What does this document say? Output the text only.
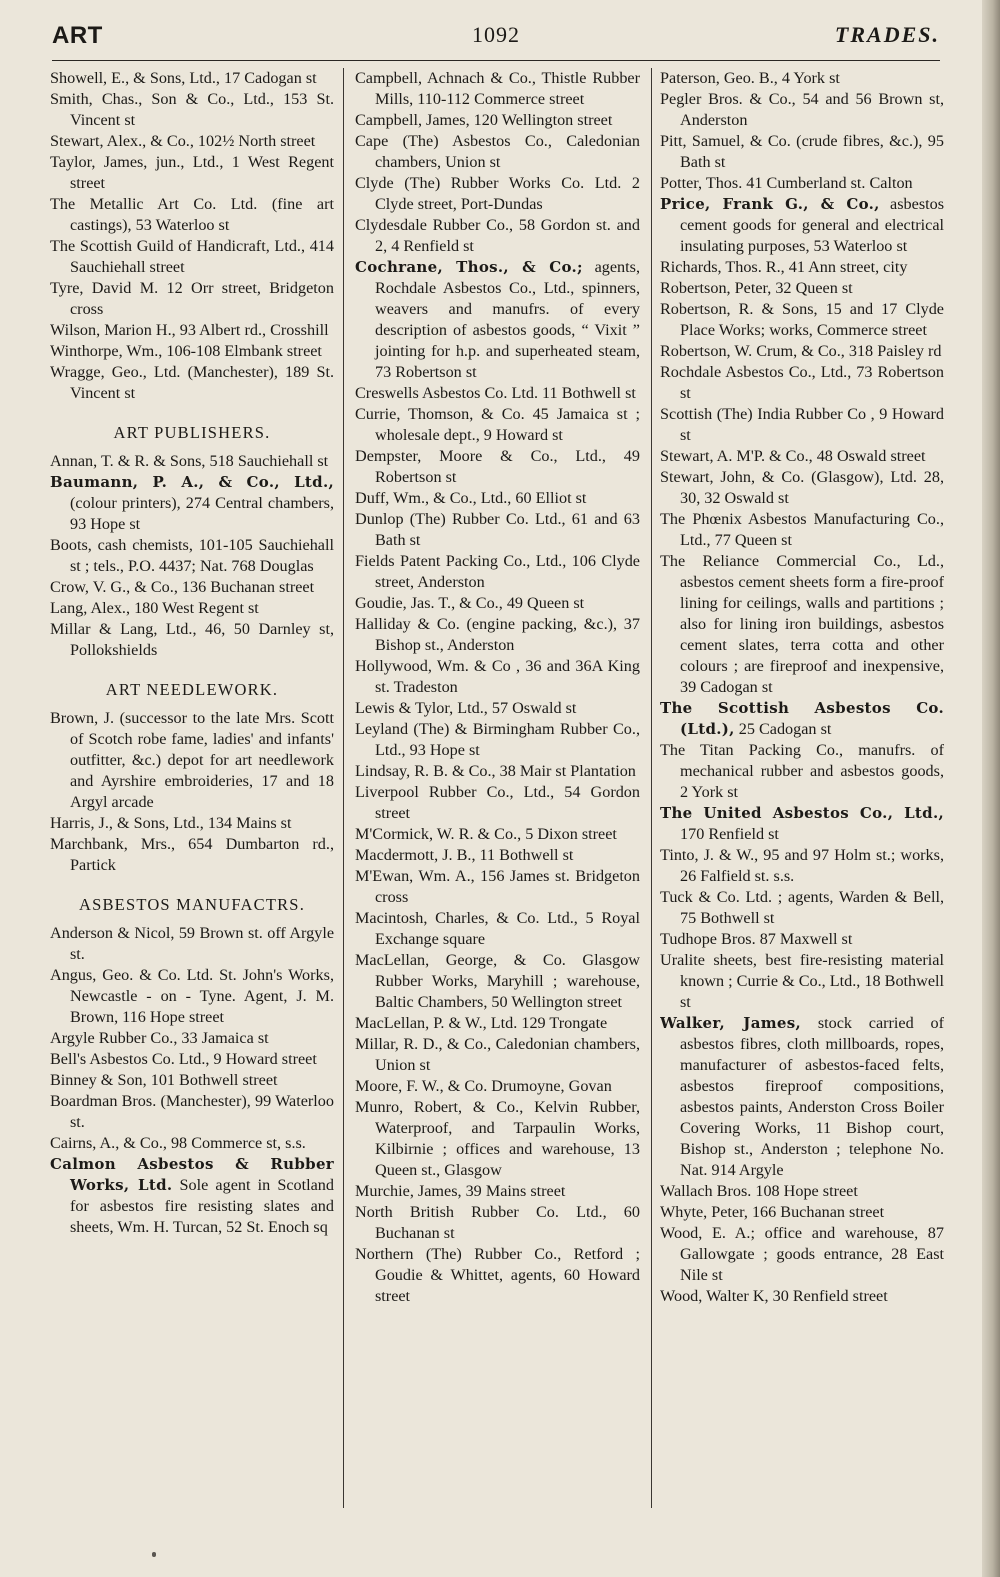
ART	1092	TRADES.

Showell, E., & Sons, Ltd., 17 Cadogan st

Smith, Chas., Son & Co., Ltd., 153 St. Vincent st

Stewart, Alex., & Co., 102½ North street

Taylor, James, jun., Ltd., 1 West Regent street

The Metallic Art Co. Ltd. (fine art castings), 53 Waterloo st

The Scottish Guild of Handicraft, Ltd., 414 Sauchiehall street

Tyre, David M. 12 Orr street, Bridgeton cross

Wilson, Marion H., 93 Albert rd., Crosshill

Winthorpe, Wm., 106-108 Elmbank street

Wragge, Geo., Ltd. (Manchester), 189 St. Vincent st

ART PUBLISHERS.

Annan, T. & R. & Sons, 518 Sauchiehall st

Baumann, P. A., & Co., Ltd., (colour printers), 274 Central chambers, 93 Hope st

Boots, cash chemists, 101-105 Sauchiehall st ; tels., P.O. 4437; Nat. 768 Douglas

Crow, V. G., & Co., 136 Buchanan street

Lang, Alex., 180 West Regent st

Millar & Lang, Ltd., 46, 50 Darnley st, Pollokshields

ART NEEDLEWORK.

Brown, J. (successor to the late Mrs. Scott of Scotch robe fame, ladies' and infants' outfitter, &c.) depot for art needlework and Ayrshire embroideries, 17 and 18 Argyl arcade

Harris, J., & Sons, Ltd., 134 Mains st

Marchbank, Mrs., 654 Dumbarton rd., Partick

ASBESTOS MANUFACTRS.

Anderson & Nicol, 59 Brown st. off Argyle st.

Angus, Geo. & Co. Ltd. St. John's Works, Newcastle - on - Tyne. Agent, J. M. Brown, 116 Hope street

Argyle Rubber Co., 33 Jamaica st

Bell's Asbestos Co. Ltd., 9 Howard street

Binney & Son, 101 Bothwell street

Boardman Bros. (Manchester), 99 Waterloo st.

Cairns, A., & Co., 98 Commerce st, s.s.

Calmon Asbestos & Rubber Works, Ltd. Sole agent in Scotland for asbestos fire resisting slates and sheets, Wm. H. Turcan, 52 St. Enoch sq

Campbell, Achnach & Co., Thistle Rubber Mills, 110-112 Commerce street

Campbell, James, 120 Wellington street

Cape (The) Asbestos Co., Caledonian chambers, Union st

Clyde (The) Rubber Works Co. Ltd. 2 Clyde street, Port-Dundas

Clydesdale Rubber Co., 58 Gordon st. and 2, 4 Renfield st

Cochrane, Thos., & Co.; agents, Rochdale Asbestos Co., Ltd., spinners, weavers and manufrs. of every description of asbestos goods, “ Vixit ” jointing for h.p. and superheated steam, 73 Robertson st

Creswells Asbestos Co. Ltd. 11 Bothwell st

Currie, Thomson, & Co. 45 Jamaica st ; wholesale dept., 9 Howard st

Dempster, Moore & Co., Ltd., 49 Robertson st

Duff, Wm., & Co., Ltd., 60 Elliot st

Dunlop (The) Rubber Co. Ltd., 61 and 63 Bath st

Fields Patent Packing Co., Ltd., 106 Clyde street, Anderston

Goudie, Jas. T., & Co., 49 Queen st

Halliday & Co. (engine packing, &c.), 37 Bishop st., Anderston

Hollywood, Wm. & Co , 36 and 36A King st. Tradeston

Lewis & Tylor, Ltd., 57 Oswald st

Leyland (The) & Birmingham Rubber Co., Ltd., 93 Hope st

Lindsay, R. B. & Co., 38 Mair st Plantation

Liverpool Rubber Co., Ltd., 54 Gordon street

M'Cormick, W. R. & Co., 5 Dixon street

Macdermott, J. B., 11 Bothwell st

M'Ewan, Wm. A., 156 James st. Bridgeton cross

Macintosh, Charles, & Co. Ltd., 5 Royal Exchange square

MacLellan, George, & Co. Glasgow Rubber Works, Maryhill ; warehouse, Baltic Chambers, 50 Wellington street

MacLellan, P. & W., Ltd. 129 Trongate

Millar, R. D., & Co., Caledonian chambers, Union st

Moore, F. W., & Co. Drumoyne, Govan

Munro, Robert, & Co., Kelvin Rubber, Waterproof, and Tarpaulin Works, Kilbirnie ; offices and warehouse, 13 Queen st., Glasgow

Murchie, James, 39 Mains street

North British Rubber Co. Ltd., 60 Buchanan st

Northern (The) Rubber Co., Retford ; Goudie & Whittet, agents, 60 Howard street

Paterson, Geo. B., 4 York st

Pegler Bros. & Co., 54 and 56 Brown st, Anderston

Pitt, Samuel, & Co. (crude fibres, &c.), 95 Bath st

Potter, Thos. 41 Cumberland st. Calton

Price, Frank G., & Co., asbestos cement goods for general and electrical insulating purposes, 53 Waterloo st

Richards, Thos. R., 41 Ann street, city

Robertson, Peter, 32 Queen st

Robertson, R. & Sons, 15 and 17 Clyde Place Works; works, Commerce street

Robertson, W. Crum, & Co., 318 Paisley rd

Rochdale Asbestos Co., Ltd., 73 Robertson st

Scottish (The) India Rubber Co , 9 Howard st

Stewart, A. M'P. & Co., 48 Oswald street

Stewart, John, & Co. (Glasgow), Ltd. 28, 30, 32 Oswald st

The Phœnix Asbestos Manufacturing Co., Ltd., 77 Queen st

The Reliance Commercial Co., Ld., asbestos cement sheets form a fire-proof lining for ceilings, walls and partitions ; also for lining iron buildings, asbestos cement slates, terra cotta and other colours ; are fireproof and inexpensive, 39 Cadogan st

The Scottish Asbestos Co. (Ltd.), 25 Cadogan st

The Titan Packing Co., manufrs. of mechanical rubber and asbestos goods, 2 York st

The United Asbestos Co., Ltd., 170 Renfield st

Tinto, J. & W., 95 and 97 Holm st.; works, 26 Falfield st. s.s.

Tuck & Co. Ltd. ; agents, Warden & Bell, 75 Bothwell st

Tudhope Bros. 87 Maxwell st

Uralite sheets, best fire-resisting material known ; Currie & Co., Ltd., 18 Bothwell st

Walker, James, stock carried of asbestos fibres, cloth millboards, ropes, manufacturer of asbestos-faced felts, asbestos fireproof compositions, asbestos paints, Anderston Cross Boiler Covering Works, 11 Bishop court, Bishop st., Anderston ; telephone No. Nat. 914 Argyle

Wallach Bros. 108 Hope street

Whyte, Peter, 166 Buchanan street

Wood, E. A.; office and warehouse, 87 Gallowgate ; goods entrance, 28 East Nile st

Wood, Walter K, 30 Renfield street
